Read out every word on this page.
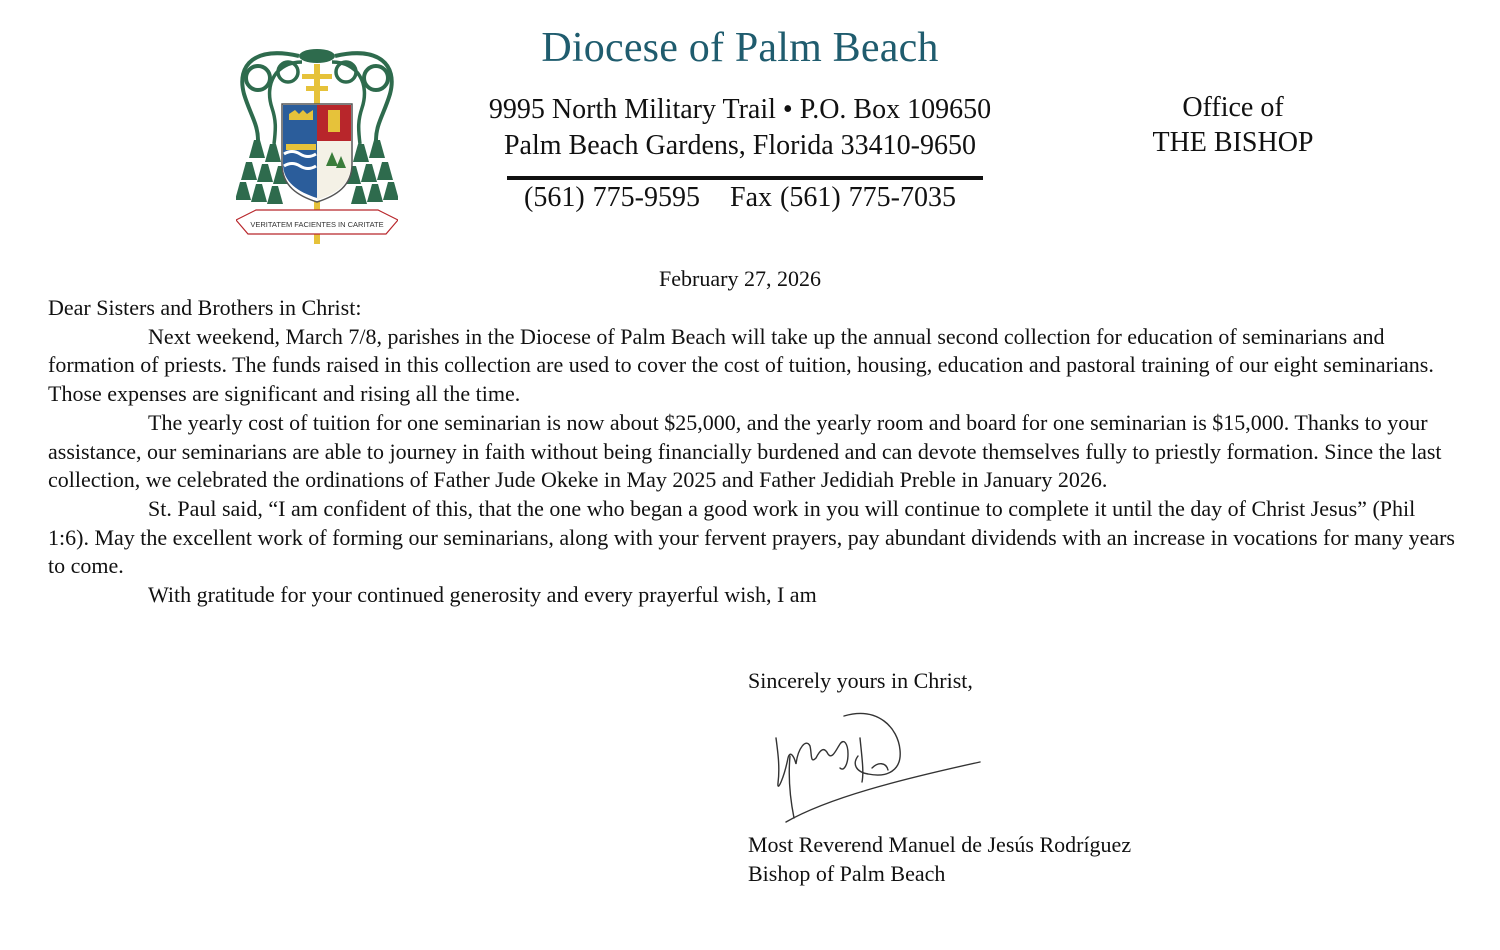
VERITATEM FACIENTES IN CARITATE
Diocese of Palm Beach
9995 North Military Trail • P.O. Box 109650
Palm Beach Gardens, Florida 33410-9650
(561) 775-9595 Fax (561) 775-7035
Office of
THE BISHOP
February 27, 2026

Dear Sisters and Brothers in Christ:

Next weekend, March 7/8, parishes in the Diocese of Palm Beach will take up the annual second collection for education of seminarians and formation of priests. The funds raised in this collection are used to cover the cost of tuition, housing, education and pastoral training of our eight seminarians. Those expenses are significant and rising all the time.

The yearly cost of tuition for one seminarian is now about $25,000, and the yearly room and board for one seminarian is $15,000. Thanks to your assistance, our seminarians are able to journey in faith without being financially burdened and can devote themselves fully to priestly formation. Since the last collection, we celebrated the ordinations of Father Jude Okeke in May 2025 and Father Jedidiah Preble in January 2026.

St. Paul said, “I am confident of this, that the one who began a good work in you will continue to complete it until the day of Christ Jesus” (Phil 1:6). May the excellent work of forming our seminarians, along with your fervent prayers, pay abundant dividends with an increase in vocations for many years to come.

With gratitude for your continued generosity and every prayerful wish, I am

Sincerely yours in Christ,
Most Reverend Manuel de Jesús Rodríguez
Bishop of Palm Beach
